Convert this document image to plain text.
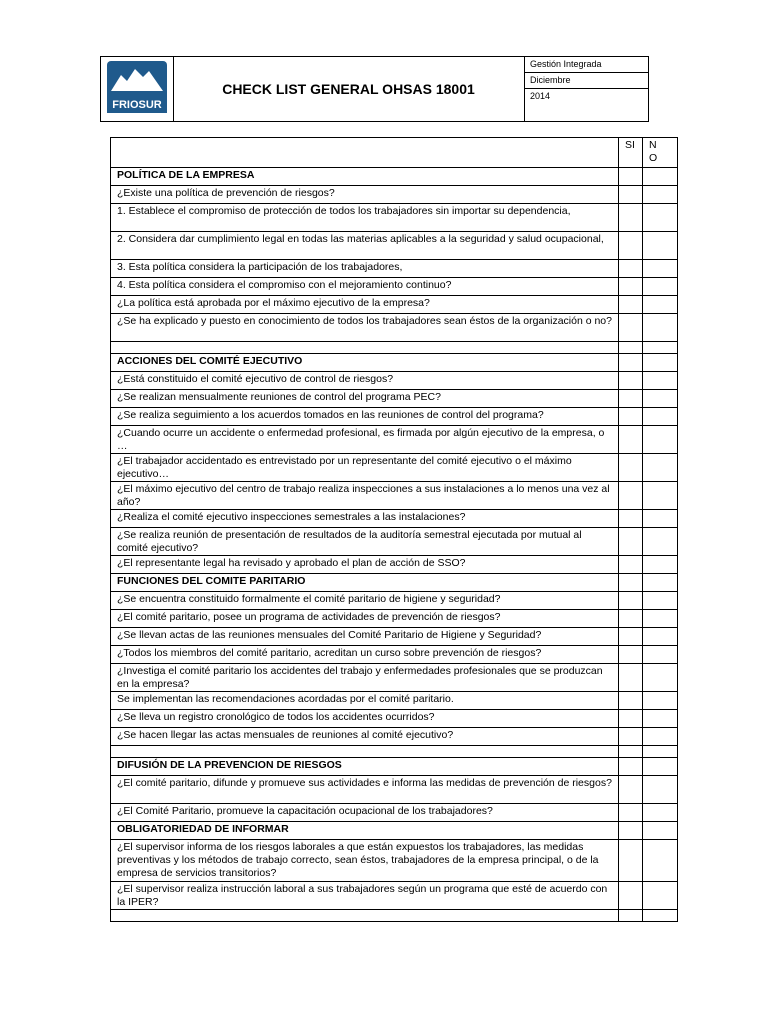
FRIOSUR
CHECK LIST GENERAL OHSAS 18001
Gestión Integrada
Diciembre
2014
	SI	N
O
POLÍTICA DE LA EMPRESA		
¿Existe una política de prevención de riesgos?		
1. Establece el compromiso de protección de todos los trabajadores sin importar su dependencia,		
2. Considera dar cumplimiento legal en todas las materias aplicables a la seguridad y salud ocupacional,		
3. Esta política considera la participación de los trabajadores,		
4. Esta política considera el compromiso con el mejoramiento continuo?		
¿La política está aprobada por el máximo ejecutivo de la empresa?		
¿Se ha explicado y puesto en conocimiento de todos los trabajadores sean éstos de la organización o no?		

ACCIONES DEL COMITÉ EJECUTIVO		
¿Está constituido el comité ejecutivo de control de riesgos?		
¿Se realizan mensualmente reuniones de control del programa PEC?		
¿Se realiza seguimiento a los acuerdos tomados en las reuniones de control del programa?		
¿Cuando ocurre un accidente o enfermedad profesional, es firmada por algún ejecutivo de la empresa, o …		
¿El trabajador accidentado es entrevistado por un representante del comité ejecutivo o el máximo ejecutivo…		
¿El máximo ejecutivo del centro de trabajo realiza inspecciones a sus instalaciones a lo menos una vez al año?		
¿Realiza el comité ejecutivo inspecciones semestrales a las instalaciones?		
¿Se realiza reunión de presentación de resultados de la auditoría semestral ejecutada por mutual al comité ejecutivo?		
¿El representante legal ha revisado y aprobado el plan de acción de SSO?		
FUNCIONES DEL COMITE PARITARIO		
¿Se encuentra constituido formalmente el comité paritario de higiene y seguridad?		
¿El comité paritario, posee un programa de actividades de prevención de riesgos?		
¿Se llevan actas de las reuniones mensuales del Comité Paritario de Higiene y Seguridad?		
¿Todos los miembros del comité paritario, acreditan un curso sobre prevención de riesgos?		
¿Investiga el comité paritario los accidentes del trabajo y enfermedades profesionales que se produzcan en la empresa?		
Se implementan las recomendaciones acordadas por el comité paritario.		
¿Se lleva un registro cronológico de todos los accidentes ocurridos?		
¿Se hacen llegar las actas mensuales de reuniones al comité ejecutivo?		

DIFUSIÓN DE LA PREVENCION DE RIESGOS		
¿El comité paritario, difunde y promueve sus actividades e informa las medidas de prevención de riesgos?		
¿El Comité Paritario, promueve la capacitación ocupacional de los trabajadores?		
OBLIGATORIEDAD DE INFORMAR		
¿El supervisor informa de los riesgos laborales a que están expuestos los trabajadores, las medidas preventivas y los métodos de trabajo correcto, sean éstos, trabajadores de la empresa principal, o de la empresa de servicios transitorios?		
¿El supervisor realiza instrucción laboral a sus trabajadores según un programa que esté de acuerdo con la IPER?		
